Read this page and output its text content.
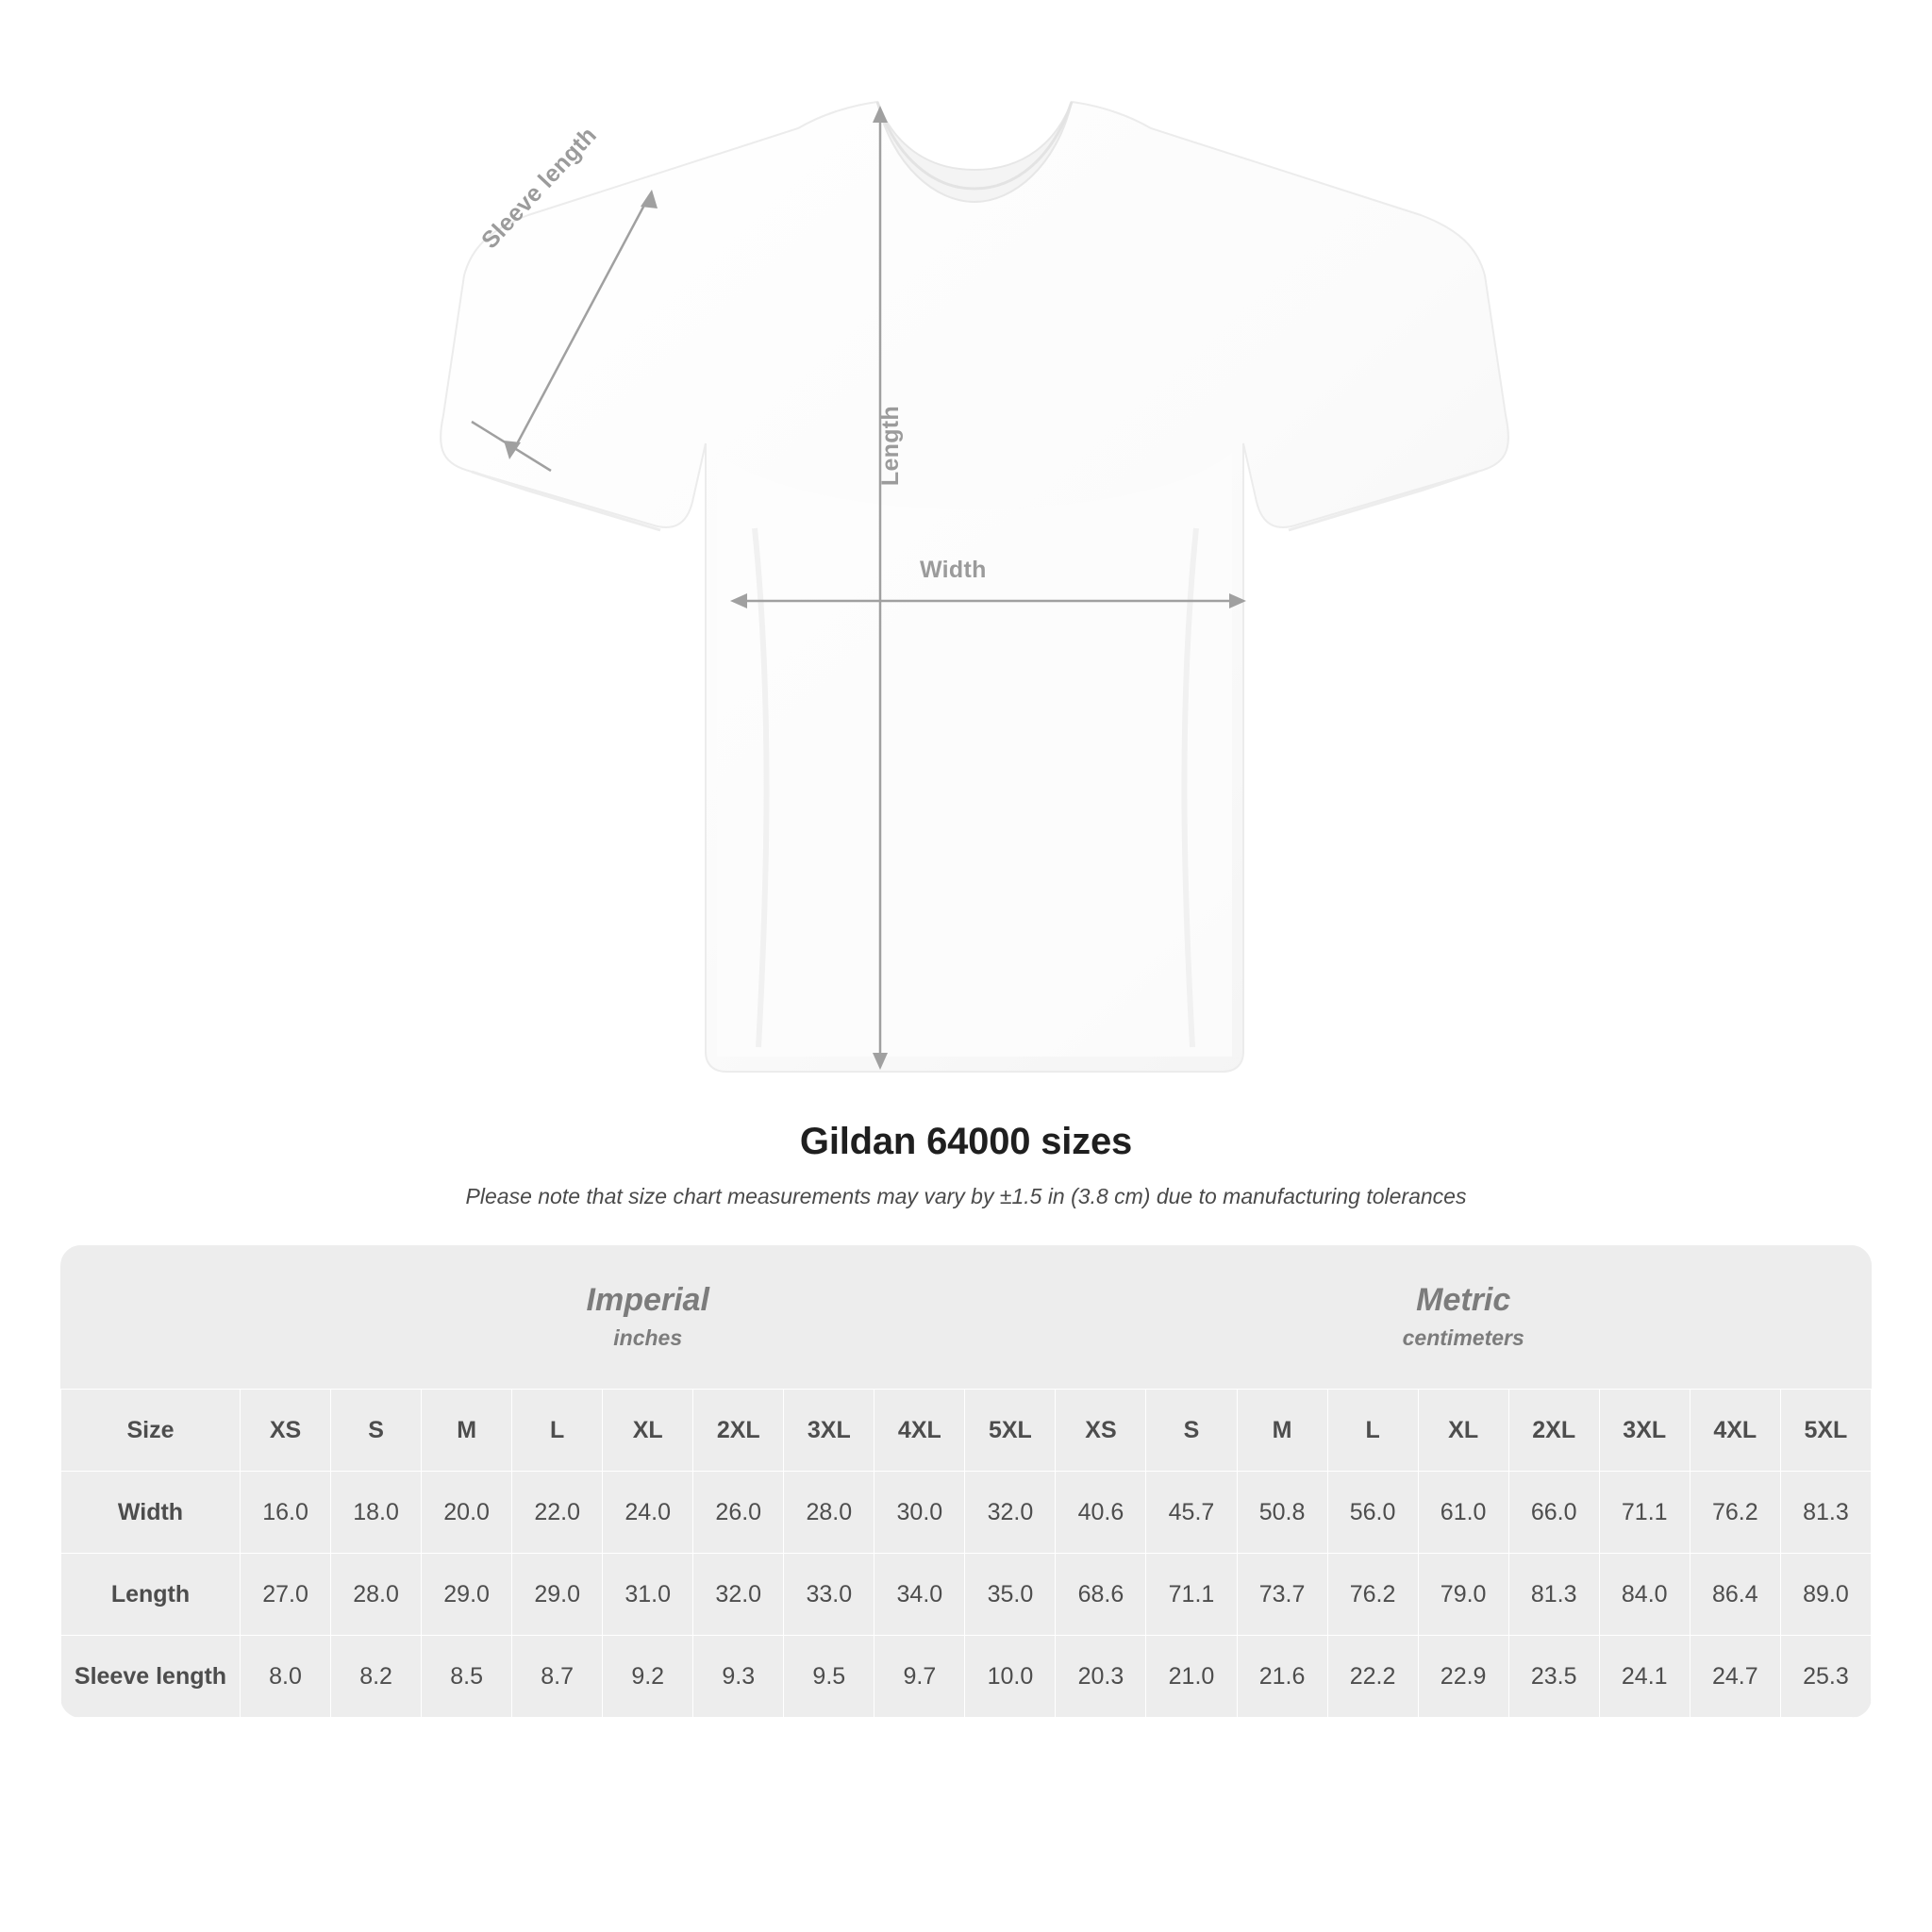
Width
Length
Sleeve length
Gildan 64000 sizes
Please note that size chart measurements may vary by ±1.5 in (3.8 cm) due to manufacturing tolerances

Imperial
inches

Metric
centimeters

Size	XS	S	M	L	XL	2XL	3XL	4XL	5XL	XS	S	M	L	XL	2XL	3XL	4XL	5XL
Width	16.0	18.0	20.0	22.0	24.0	26.0	28.0	30.0	32.0	40.6	45.7	50.8	56.0	61.0	66.0	71.1	76.2	81.3
Length	27.0	28.0	29.0	29.0	31.0	32.0	33.0	34.0	35.0	68.6	71.1	73.7	76.2	79.0	81.3	84.0	86.4	89.0
Sleeve length	8.0	8.2	8.5	8.7	9.2	9.3	9.5	9.7	10.0	20.3	21.0	21.6	22.2	22.9	23.5	24.1	24.7	25.3
